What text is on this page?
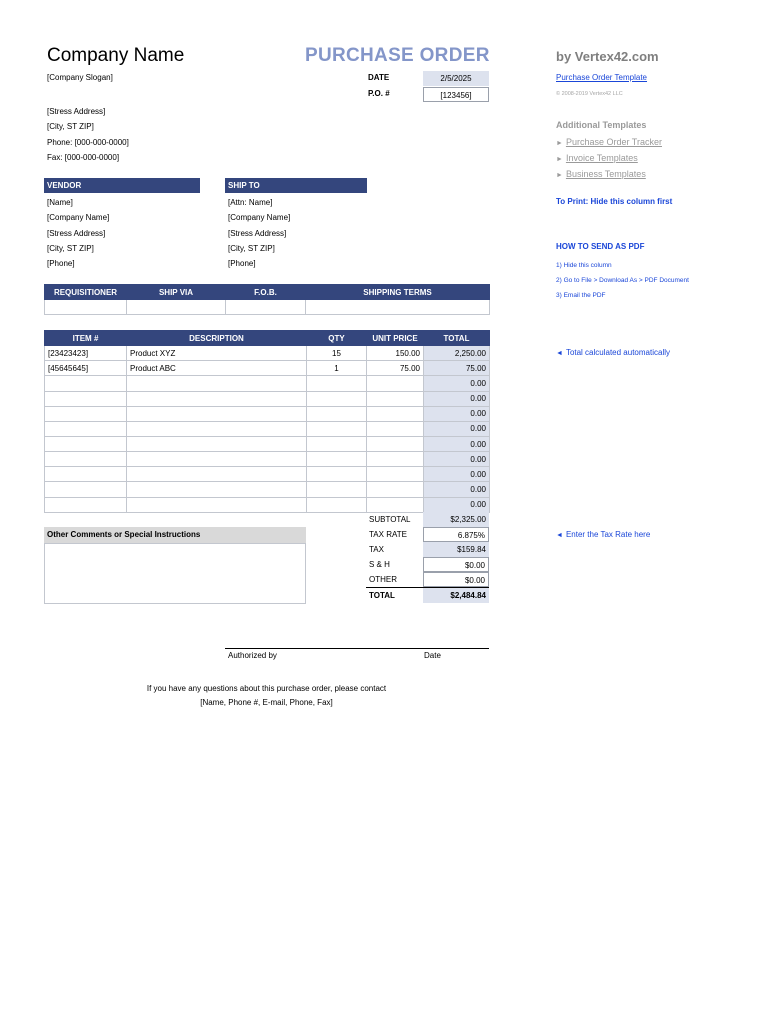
Company Name
[Company Slogan]
PURCHASE ORDER
DATE	2/5/2025
P.O. #	[123456]
[Stress Address]
[City, ST ZIP]
Phone: [000-000-0000]
Fax: [000-000-0000]
VENDOR
[Name]
[Company Name]
[Stress Address]
[City, ST ZIP]
[Phone]
SHIP TO
[Attn: Name]
[Company Name]
[Stress Address]
[City, ST ZIP]
[Phone]
REQUISITIONER	SHIP VIA	F.O.B.	SHIPPING TERMS

ITEM #	DESCRIPTION	QTY	UNIT PRICE	TOTAL
[23423423]	Product XYZ	15	150.00	2,250.00
[45645645]	Product ABC	1	75.00	75.00
				0.00
				0.00
				0.00
				0.00
				0.00
				0.00
				0.00
				0.00
				0.00
Other Comments or Special Instructions
SUBTOTAL	$2,325.00
TAX RATE	6.875%
TAX	$159.84
S & H	$0.00
OTHER	$0.00
TOTAL	$2,484.84
Authorized by	Date
If you have any questions about this purchase order, please contact
[Name, Phone #, E-mail, Phone, Fax]
by Vertex42.com
Purchase Order Template
© 2008-2019 Vertex42 LLC
Additional Templates
► Purchase Order Tracker
► Invoice Templates
► Business Templates
To Print: Hide this column first
HOW TO SEND AS PDF
1) Hide this column
2) Go to File > Download As > PDF Document
3) Email the PDF
◄ Total calculated automatically
◄ Enter the Tax Rate here
